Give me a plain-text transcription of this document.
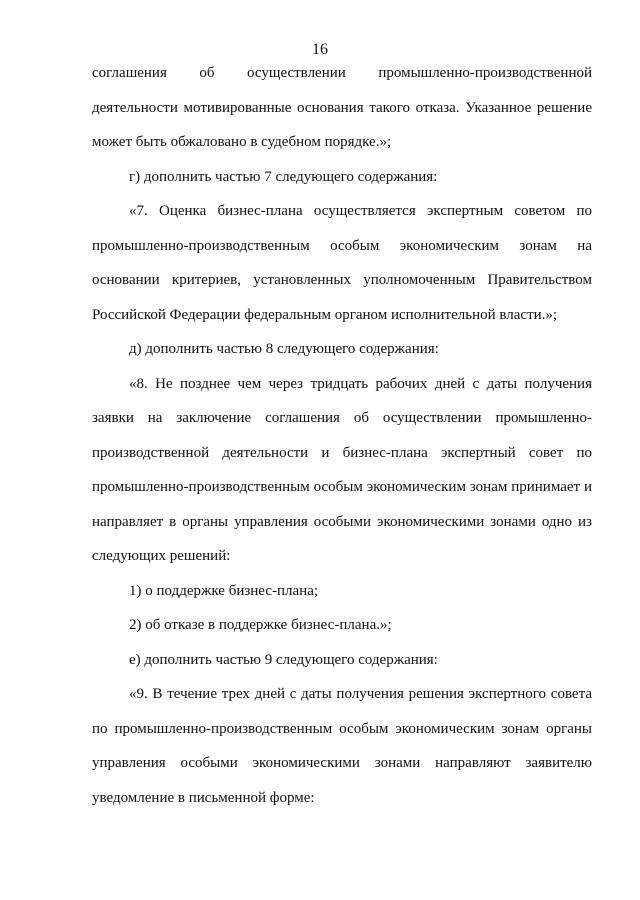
16

соглашения об осуществлении промышленно-производственной

деятельности мотивированные основания такого отказа. Указанное решение

может быть обжаловано в судебном порядке.»;

г) дополнить частью 7 следующего содержания:

«7. Оценка бизнес-плана осуществляется экспертным советом по

промышленно-производственным особым экономическим зонам на

основании критериев, установленных уполномоченным Правительством

Российской Федерации федеральным органом исполнительной власти.»;

д) дополнить частью 8 следующего содержания:

«8. Не позднее чем через тридцать рабочих дней с даты получения

заявки на заключение соглашения об осуществлении промышленно-

производственной деятельности и бизнес-плана экспертный совет по

промышленно-производственным особым экономическим зонам принимает и

направляет в органы управления особыми экономическими зонами одно из

следующих решений:

1) о поддержке бизнес-плана;

2) об отказе в поддержке бизнес-плана.»;

е) дополнить частью 9 следующего содержания:

«9. В течение трех дней с даты получения решения экспертного совета

по промышленно-производственным особым экономическим зонам органы

управления особыми экономическими зонами направляют заявителю

уведомление в письменной форме:
